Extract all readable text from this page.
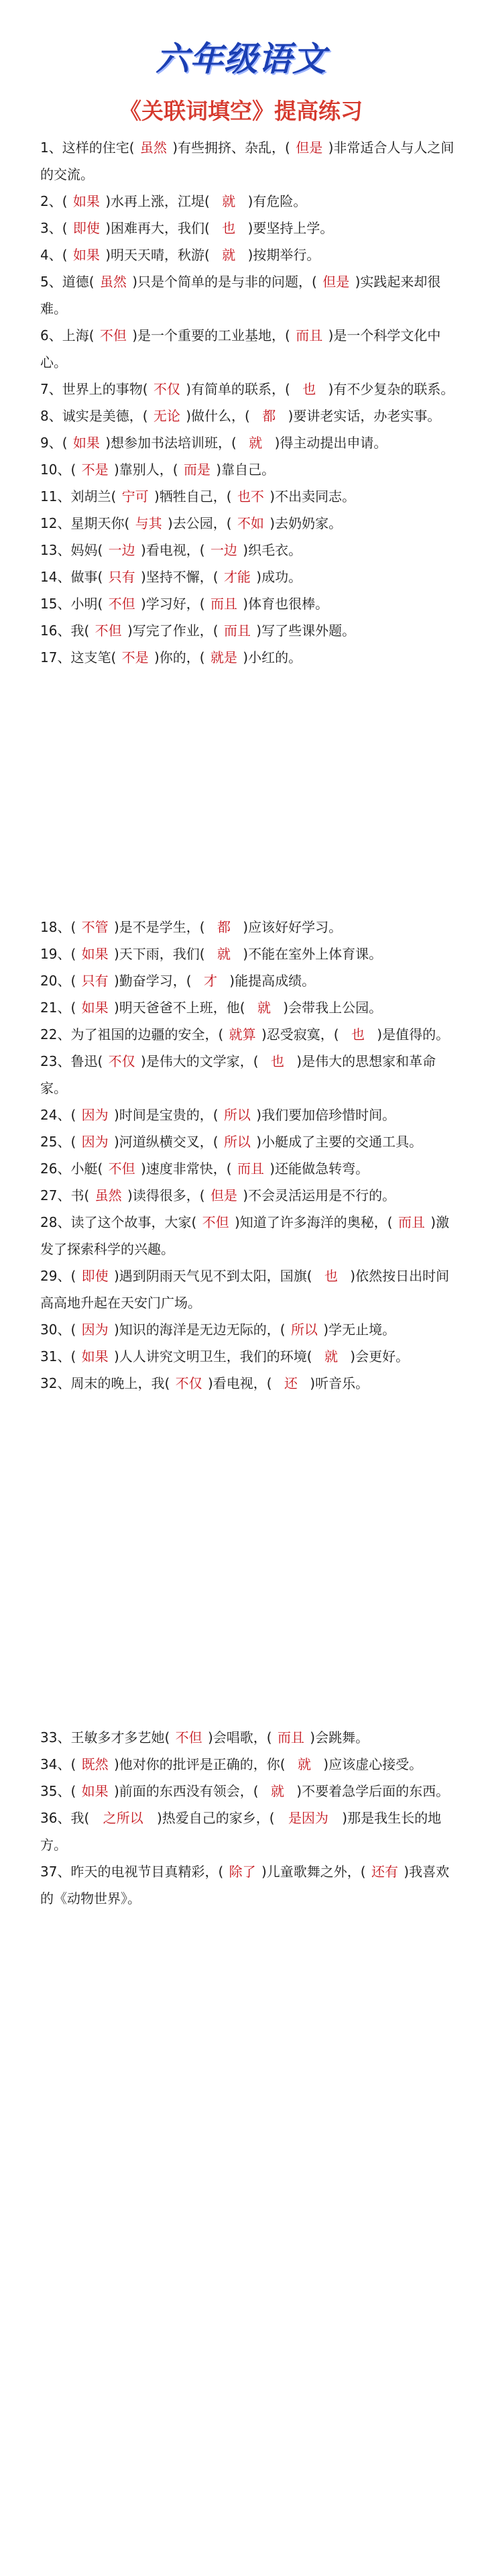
六年级语文
《关联词填空》提高练习

1、这样的住宅( 虽然 )有些拥挤、杂乱，( 但是 )非常适合人与人之间的交流。

2、( 如果 )水再上涨，江堤( 就 )有危险。

3、( 即使 )困难再大，我们( 也 )要坚持上学。

4、( 如果 )明天天晴，秋游( 就 )按期举行。

5、道德( 虽然 )只是个简单的是与非的问题，( 但是 )实践起来却很难。

6、上海( 不但 )是一个重要的工业基地，( 而且 )是一个科学文化中心。

7、世界上的事物( 不仅 )有简单的联系，( 也 )有不少复杂的联系。

8、诚实是美德，( 无论 )做什么，( 都 )要讲老实话，办老实事。

9、( 如果 )想参加书法培训班，( 就 )得主动提出申请。

10、( 不是 )靠别人，( 而是 )靠自己。

11、刘胡兰( 宁可 )牺牲自己，( 也不 )不出卖同志。

12、星期天你( 与其 )去公园，( 不如 )去奶奶家。

13、妈妈( 一边 )看电视，( 一边 )织毛衣。

14、做事( 只有 )坚持不懈，( 才能 )成功。

15、小明( 不但 )学习好，( 而且 )体育也很棒。

16、我( 不但 )写完了作业，( 而且 )写了些课外题。

17、这支笔( 不是 )你的，( 就是 )小红的。

18、( 不管 )是不是学生，( 都 )应该好好学习。

19、( 如果 )天下雨，我们( 就 )不能在室外上体育课。

20、( 只有 )勤奋学习，( 才 )能提高成绩。

21、( 如果 )明天爸爸不上班，他( 就 )会带我上公园。

22、为了祖国的边疆的安全，( 就算 )忍受寂寞，( 也 )是值得的。

23、鲁迅( 不仅 )是伟大的文学家，( 也 )是伟大的思想家和革命家。

24、( 因为 )时间是宝贵的，( 所以 )我们要加倍珍惜时间。

25、( 因为 )河道纵横交叉，( 所以 )小艇成了主要的交通工具。

26、小艇( 不但 )速度非常快，( 而且 )还能做急转弯。

27、书( 虽然 )读得很多，( 但是 )不会灵活运用是不行的。

28、读了这个故事，大家( 不但 )知道了许多海洋的奥秘，( 而且 )激发了探索科学的兴趣。

29、( 即使 )遇到阴雨天气见不到太阳，国旗( 也 )依然按日出时间高高地升起在天安门广场。

30、( 因为 )知识的海洋是无边无际的，( 所以 )学无止境。

31、( 如果 )人人讲究文明卫生，我们的环境( 就 )会更好。

32、周末的晚上，我( 不仅 )看电视，( 还 )听音乐。

33、王敏多才多艺她( 不但 )会唱歌，( 而且 )会跳舞。

34、( 既然 )他对你的批评是正确的，你( 就 )应该虚心接受。

35、( 如果 )前面的东西没有领会，( 就 )不要着急学后面的东西。

36、我( 之所以 )热爱自己的家乡，( 是因为 )那是我生长的地方。

37、昨天的电视节目真精彩，( 除了 )儿童歌舞之外，( 还有 )我喜欢的《动物世界》。
